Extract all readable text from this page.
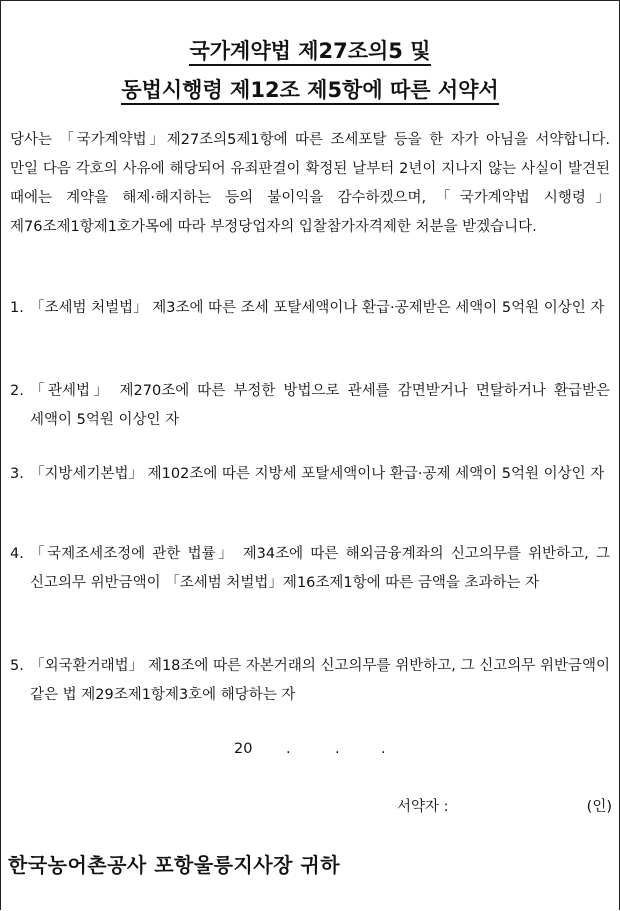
국가계약법 제27조의5 및
동법시행령 제12조 제5항에 따른 서약서
당사는 「국가계약법」제27조의5제1항에 따른 조세포탈 등을 한 자가 아님을 서약합니다. 만일 다음 각호의 사유에 해당되어 유죄판결이 확정된 날부터 2년이 지나지 않는 사실이 발견된 때에는 계약을 해제·해지하는 등의 불이익을 감수하겠으며,「국가계약법 시행령」제76조제1항제1호가목에 따라 부정당업자의 입찰참가자격제한 처분을 받겠습니다.
1. 「조세범 처벌법」 제3조에 따른 조세 포탈세액이나 환급·공제받은 세액이 5억원 이상인 자
2. 「관세법」 제270조에 따른 부정한 방법으로 관세를 감면받거나 면탈하거나 환급받은 세액이 5억원 이상인 자
3. 「지방세기본법」 제102조에 따른 지방세 포탈세액이나 환급·공제 세액이 5억원 이상인 자
4. 「국제조세조정에 관한 법률」 제34조에 따른 해외금융계좌의 신고의무를 위반하고, 그 신고의무 위반금액이 「조세범 처벌법」제16조제1항에 따른 금액을 초과하는 자
5. 「외국환거래법」 제18조에 따른 자본거래의 신고의무를 위반하고, 그 신고의무 위반금액이 같은 법 제29조제1항제3호에 해당하는 자
20 .	.	.
서약자 :	(인)
한국농어촌공사 포항울릉지사장 귀하
